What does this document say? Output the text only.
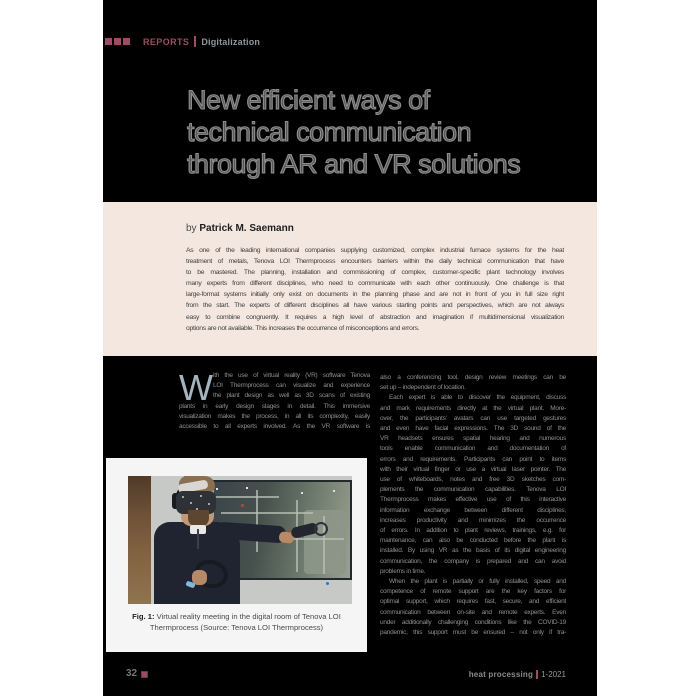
REPORTS Digitalization
New efficient ways of
technical communication
through AR and VR solutions
by Patrick M. Saemann
As one of the leading international companies supplying customized, complex industrial furnace systems for the heat
treatment of metals, Tenova LOI Thermprocess encounters barriers within the daily technical communication that have
to be mastered. The planning, installation and commissioning of complex, customer-specific plant technology involves
many experts from different disciplines, who need to communicate with each other continuously. One challenge is that
large-format systems initially only exist on documents in the planning phase and are not in front of you in full size right
from the start. The experts of different disciplines all have various starting points and perspectives, which are not always
easy to combine congruently. It requires a high level of abstraction and imagination if multidimensional visualization
options are not available. This increases the occurrence of misconceptions and errors.
W ith the use of virtual reality (VR) software Tenova
LOI Thermprocess can visualize and experience
the plant design as well as 3D scans of existing
plants in early design stages in detail. This immersive
visualization makes the process, in all its complexity, easily
accessible to all experts involved. As the VR software is
also a conferencing tool, design review meetings can be
set up – independent of location.
Each expert is able to discover the equipment, discuss
and mark requirements directly at the virtual plant. More-
over, the participants' avatars can use targeted gestures
and even have facial expressions. The 3D sound of the
VR headsets ensures spatial hearing and numerous
tools enable communication and documentation of
errors and requirements. Participants can point to items
with their virtual finger or use a virtual laser pointer. The
use of whiteboards, notes and free 3D sketches com-
plements the communication capabilities. Tenova LOI
Thermprocess makes effective use of this interactive
information exchange between different disciplines,
increases productivity and minimizes the occurrence
of errors. In addition to plant reviews, trainings, e.g. for
maintenance, can also be conducted before the plant is
installed. By using VR as the basis of its digital engineering
communication, the company is prepared and can avoid
problems in time.
When the plant is partially or fully installed, speed and
competence of remote support are the key factors for
optimal support, which requires fast, secure, and efficient
communication between on-site and remote experts. Even
under additionally challenging conditions like the COVID-19
pandemic, this support must be ensured – not only if tra-
Fig. 1: Virtual reality meeting in the digital room of Tenova LOI
Thermprocess (Source: Tenova LOI Thermprocess)
32	heat processing 1-2021
